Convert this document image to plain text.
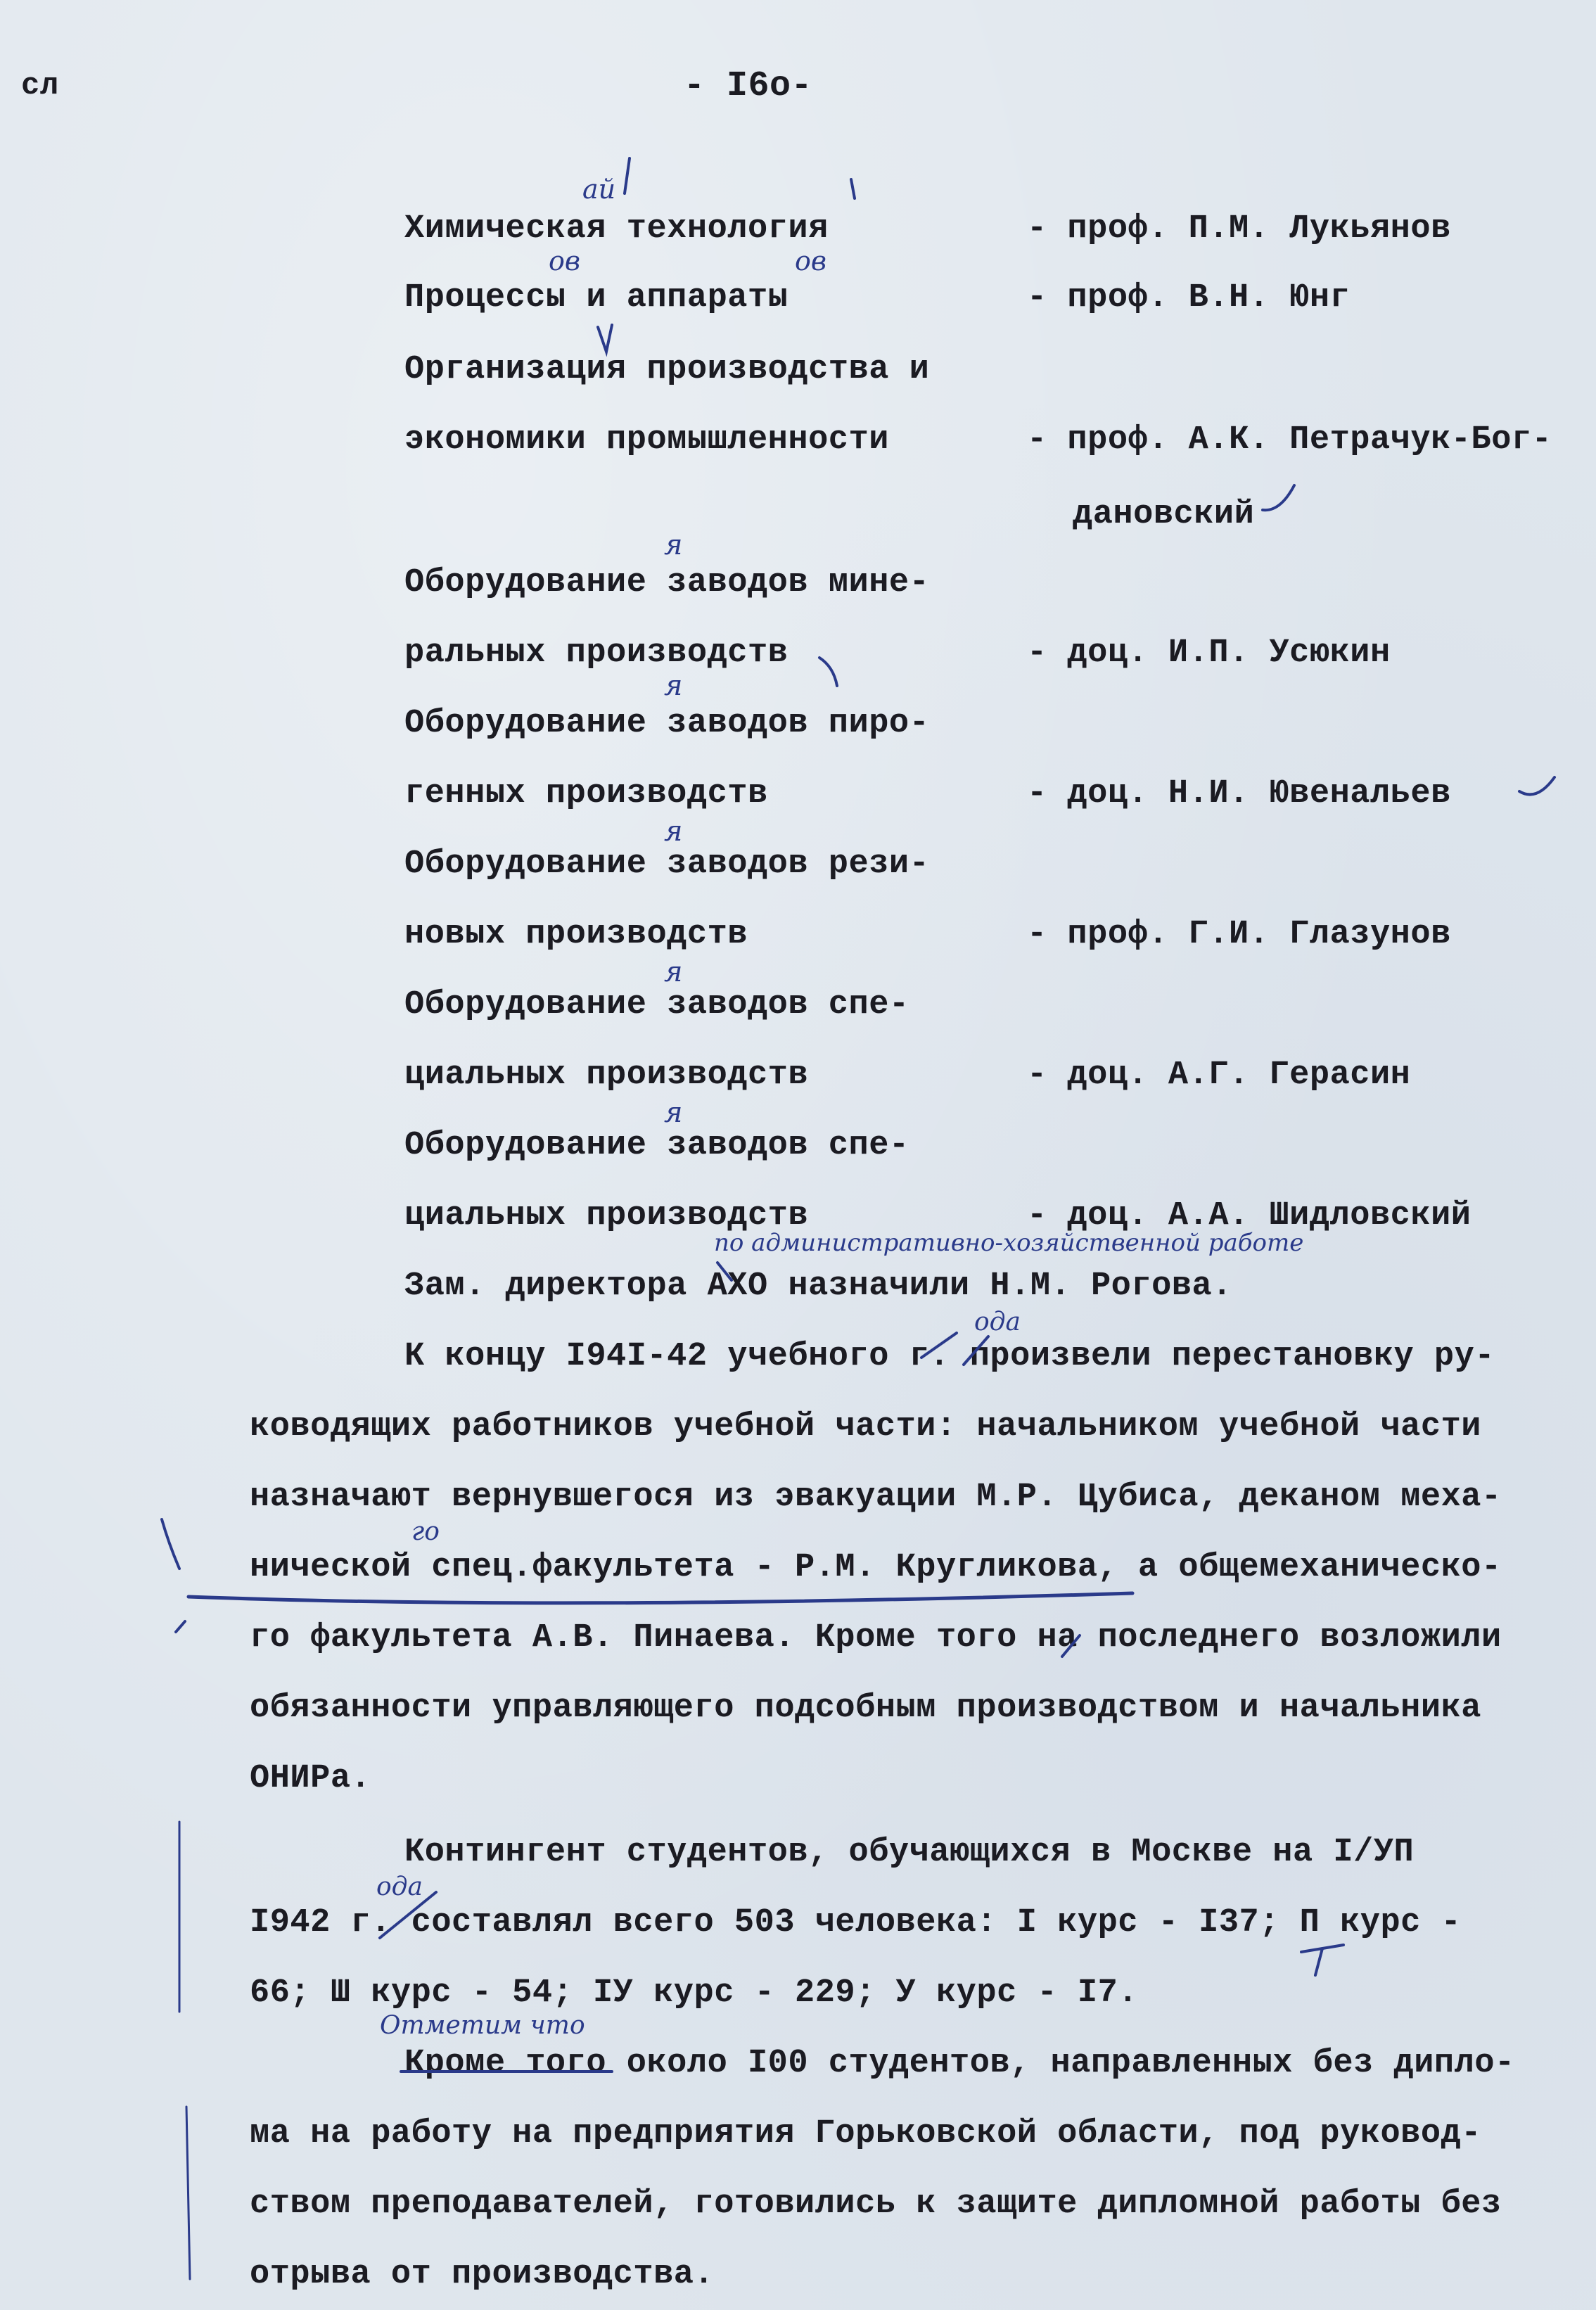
сл	- I6о-
Химическая технология	- проф. П.М. Лукьянов
Процессы и аппараты	- проф. В.Н. Юнг
Организация производства и
экономики промышленности	- проф. А.К. Петрачук-Бог-
дановский
Оборудование заводов мине-
ральных производств	- доц. И.П. Усюкин
Оборудование заводов пиро-
генных производств	- доц. Н.И. Ювенальев
Оборудование заводов рези-
новых производств	- проф. Г.И. Глазунов
Оборудование заводов спе-
циальных производств	- доц. А.Г. Герасин
Оборудование заводов спе-
циальных производств	- доц. А.А. Шидловский
Зам. директора АХО назначили Н.М. Рогова.
К концу I94I-42 учебного г. произвели перестановку ру-
ководящих работников учебной части: начальником учебной части
назначают вернувшегося из эвакуации М.Р. Цубиса, деканом меха-
нической спец.факультета - Р.М. Кругликова, а общемеханическо-
го факультета А.В. Пинаева. Кроме того на последнего возложили
обязанности управляющего подсобным производством и начальника
ОНИРа.
Контингент студентов, обучающихся в Москве на I/УП
I942 г. составлял всего 503 человека: I курс - I37; П курс -
66; Ш курс - 54; IУ курс - 229; У курс - I7.
Кроме того около I00 студентов, направленных без дипло-
ма на работу на предприятия Горьковской области, под руковод-
ством преподавателей, готовились к защите дипломной работы без
отрыва от производства.
ай
ов	ов
я
я
я
я
я
по административно-хозяйственной работе
ода
го
ода
Отметим что
